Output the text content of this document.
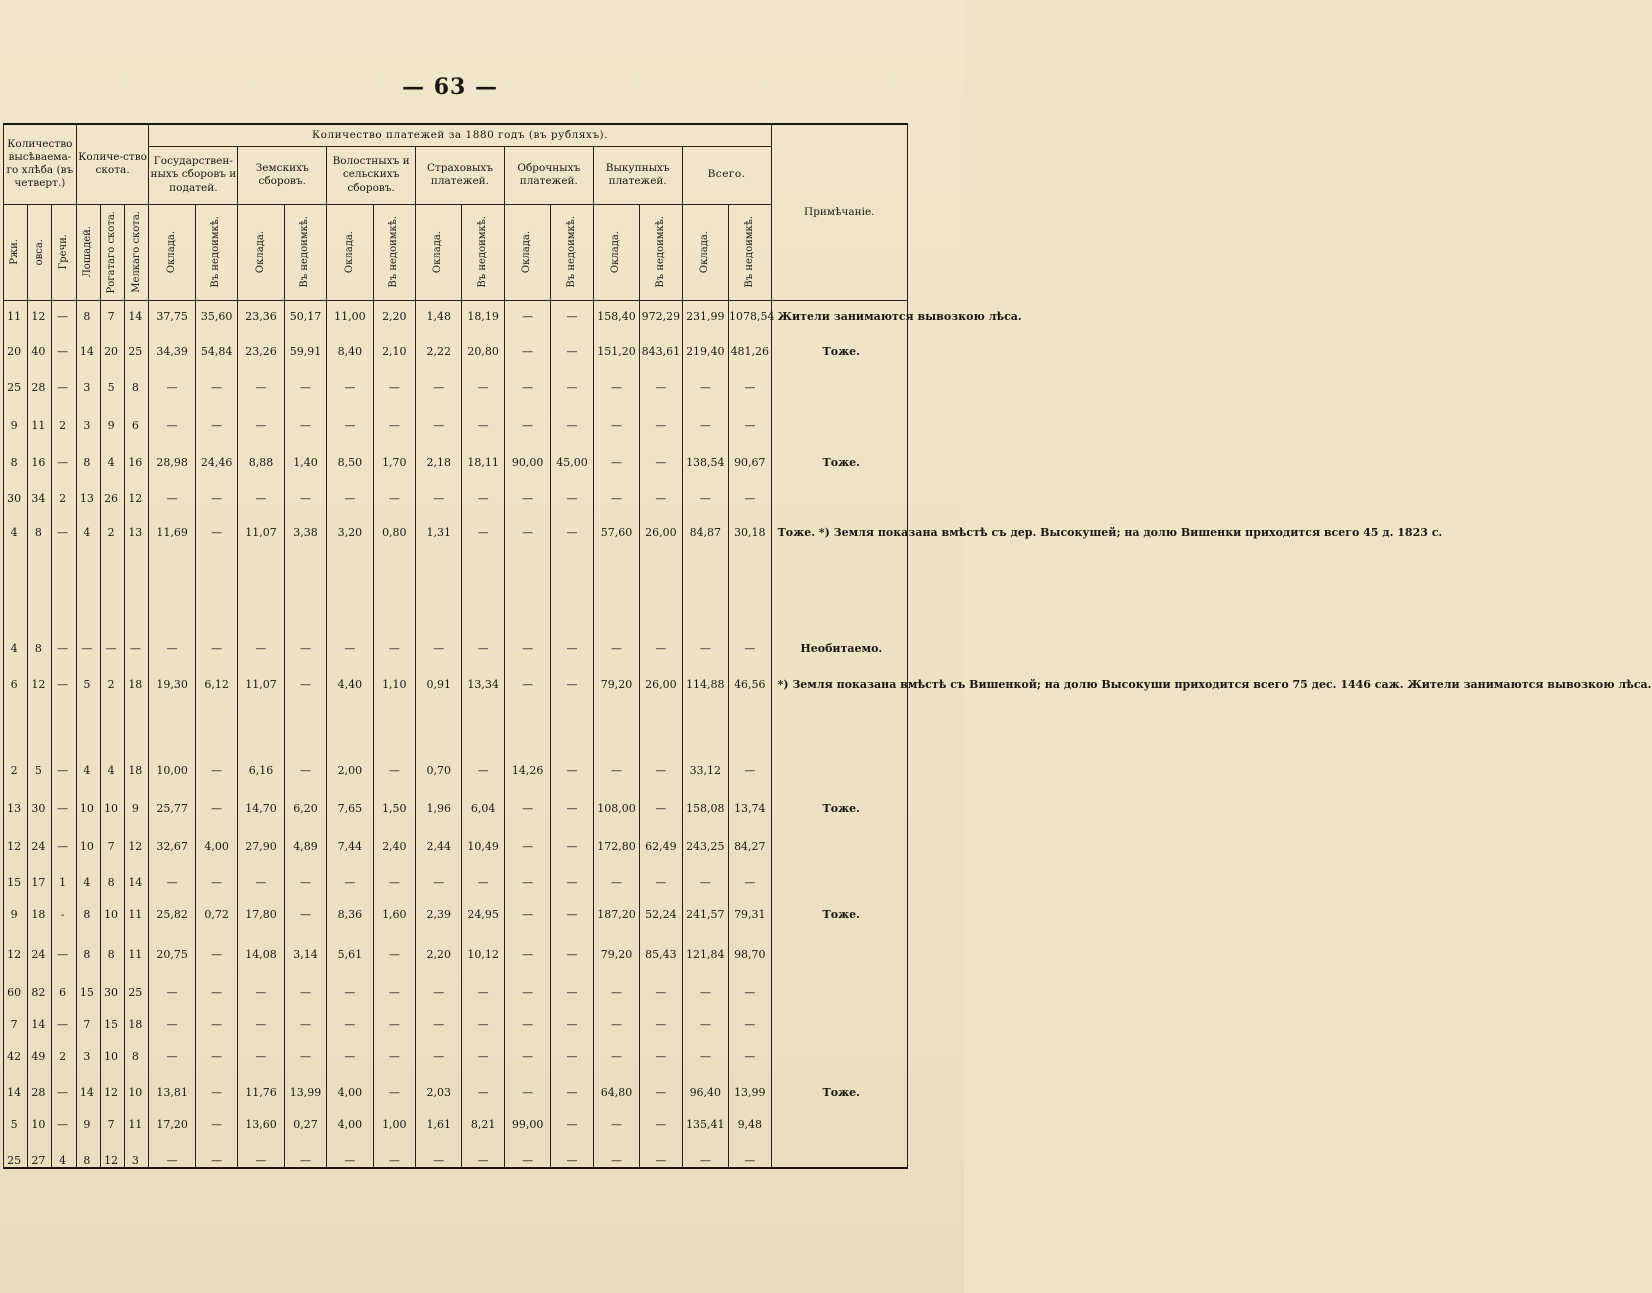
— 63 —
Количество высѣваема-го хлѣба (въ четверт.)			Количе-ство скота.			Количество платежей за 1880 годъ (въ рубляхъ).														Примѣчаніе.
						Государствен-ныхъ сборовъ и податей.		Земскихъ сборовъ.		Волостныхъ и сельскихъ сборовъ.		Страховыхъ платежей.		Оброчныхъ платежей.		Выкупныхъ платежей.		Всего.		

Ржи.	овса.	Гречи.	Лошадей.	Рогатаго скота.	Мелкаго скота.	Оклада.	Въ недоимкѣ.	Оклада.	Въ недоимкѣ.	Оклада.	Въ недоимкѣ.	Оклада.	Въ недоимкѣ.	Оклада.	Въ недоимкѣ.	Оклада.	Въ недоимкѣ.	Оклада.	Въ недоимкѣ.	

11	12	—	8	7	14	37,75	35,60	23,36	50,17	11,00	2,20	1,48	18,19	—	—	158,40	972,29	231,99	1078,54	Жители занимаются вывозкою лѣса.
20	40	—	14	20	25	34,39	54,84	23,26	59,91	8,40	2,10	2,22	20,80	—	—	151,20	843,61	219,40	481,26	Тоже.
25	28	—	3	5	8	—	—	—	—	—	—	—	—	—	—	—	—	—	—	
9	11	2	3	9	6	—	—	—	—	—	—	—	—	—	—	—	—	—	—	
8	16	—	8	4	16	28,98	24,46	8,88	1,40	8,50	1,70	2,18	18,11	90,00	45,00	—	—	138,54	90,67	Тоже.
30	34	2	13	26	12	—	—	—	—	—	—	—	—	—	—	—	—	—	—	
4	8	—	4	2	13	11,69	—	11,07	3,38	3,20	0,80	1,31	—	—	—	57,60	26,00	84,87	30,18	Тоже. *) Земля показана вмѣстѣ съ дер. Высокушей; на долю Вишенки приходится всего 45 д. 1823 с.
4	8	—	—	—	—	—	—	—	—	—	—	—	—	—	—	—	—	—	—	Необитаемо.
6	12	—	5	2	18	19,30	6,12	11,07	—	4,40	1,10	0,91	13,34	—	—	79,20	26,00	114,88	46,56	*) Земля показана вмѣстѣ съ Вишенкой; на долю Высокуши приходится всего 75 дес. 1446 саж. Жители занимаются вывозкою лѣса.
2	5	—	4	4	18	10,00	—	6,16	—	2,00	—	0,70	—	14,26	—	—	—	33,12	—	
13	30	—	10	10	9	25,77	—	14,70	6,20	7,65	1,50	1,96	6,04	—	—	108,00	—	158,08	13,74	Тоже.
12	24	—	10	7	12	32,67	4,00	27,90	4,89	7,44	2,40	2,44	10,49	—	—	172,80	62,49	243,25	84,27	
15	17	1	4	8	14	—	—	—	—	—	—	—	—	—	—	—	—	—	—	
9	18	-	8	10	11	25,82	0,72	17,80	—	8,36	1,60	2,39	24,95	—	—	187,20	52,24	241,57	79,31	Тоже.
12	24	—	8	8	11	20,75	—	14,08	3,14	5,61	—	2,20	10,12	—	—	79,20	85,43	121,84	98,70	
60	82	6	15	30	25	—	—	—	—	—	—	—	—	—	—	—	—	—	—	
7	14	—	7	15	18	—	—	—	—	—	—	—	—	—	—	—	—	—	—	
42	49	2	3	10	8	—	—	—	—	—	—	—	—	—	—	—	—	—	—	
14	28	—	14	12	10	13,81	—	11,76	13,99	4,00	—	2,03	—	—	—	64,80	—	96,40	13,99	Тоже.
5	10	—	9	7	11	17,20	—	13,60	0,27	4,00	1,00	1,61	8,21	99,00	—	—	—	135,41	9,48	
25	27	4	8	12	3	—	—	—	—	—	—	—	—	—	—	—	—	—	—	
